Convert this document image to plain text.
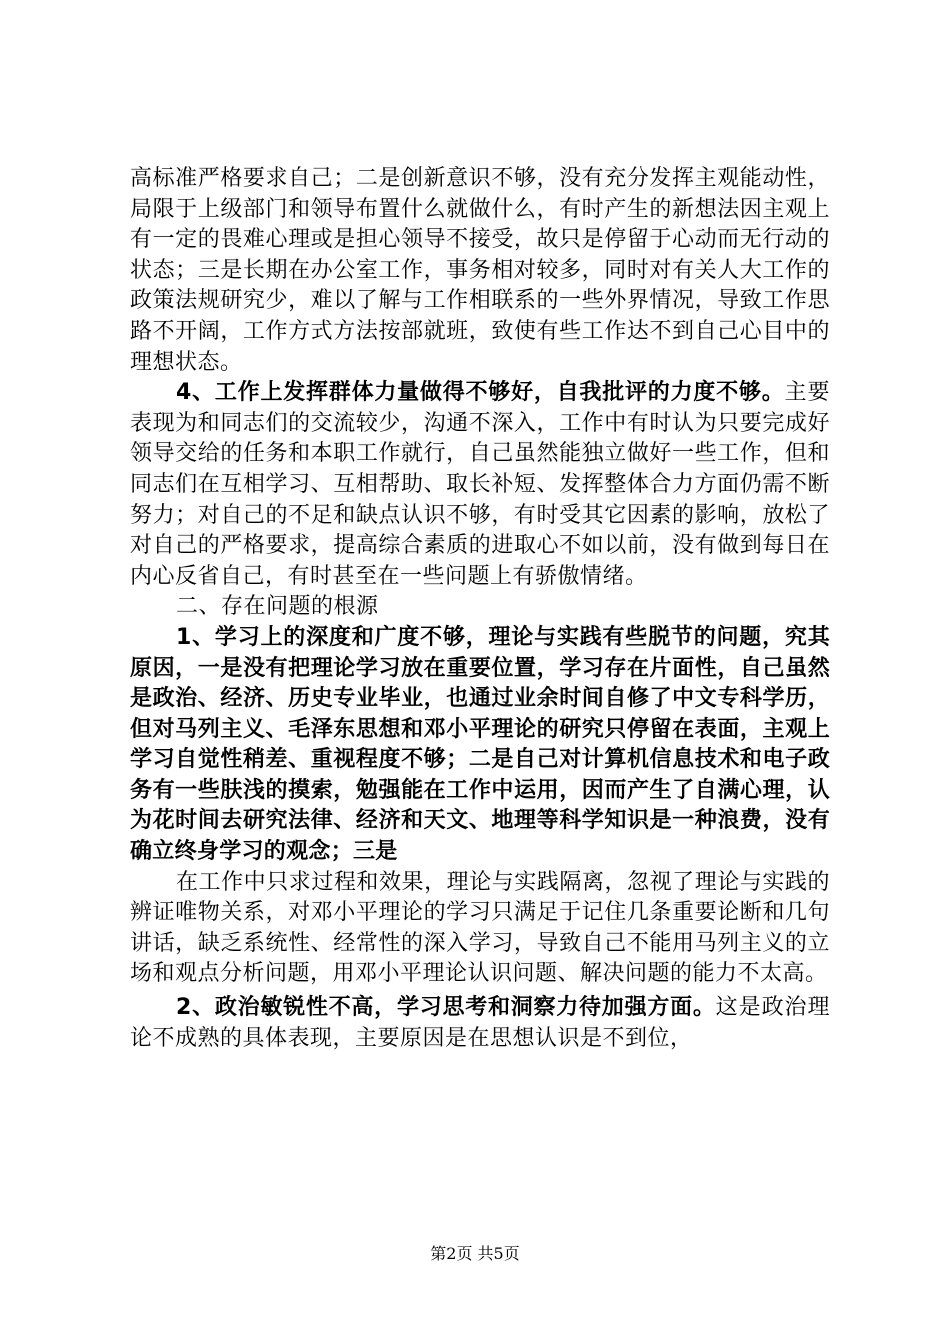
高标准严格要求自己；二是创新意识不够，没有充分发挥主观能动性，局限于上级部门和领导布置什么就做什么，有时产生的新想法因主观上有一定的畏难心理或是担心领导不接受，故只是停留于心动而无行动的状态；三是长期在办公室工作，事务相对较多，同时对有关人大工作的政策法规研究少，难以了解与工作相联系的一些外界情况，导致工作思路不开阔，工作方式方法按部就班，致使有些工作达不到自己心目中的理想状态。

4、工作上发挥群体力量做得不够好，自我批评的力度不够。主要表现为和同志们的交流较少，沟通不深入，工作中有时认为只要完成好领导交给的任务和本职工作就行，自己虽然能独立做好一些工作，但和同志们在互相学习、互相帮助、取长补短、发挥整体合力方面仍需不断努力；对自己的不足和缺点认识不够，有时受其它因素的影响，放松了对自己的严格要求，提高综合素质的进取心不如以前，没有做到每日在内心反省自己，有时甚至在一些问题上有骄傲情绪。

二、存在问题的根源

1、学习上的深度和广度不够，理论与实践有些脱节的问题，究其原因，一是没有把理论学习放在重要位置，学习存在片面性，自己虽然是政治、经济、历史专业毕业，也通过业余时间自修了中文专科学历，但对马列主义、毛泽东思想和邓小平理论的研究只停留在表面，主观上学习自觉性稍差、重视程度不够；二是自己对计算机信息技术和电子政务有一些肤浅的摸索，勉强能在工作中运用，因而产生了自满心理，认为花时间去研究法律、经济和天文、地理等科学知识是一种浪费，没有确立终身学习的观念；三是

在工作中只求过程和效果，理论与实践隔离，忽视了理论与实践的辨证唯物关系，对邓小平理论的学习只满足于记住几条重要论断和几句讲话，缺乏系统性、经常性的深入学习，导致自己不能用马列主义的立场和观点分析问题，用邓小平理论认识问题、解决问题的能力不太高。

2、政治敏锐性不高，学习思考和洞察力待加强方面。这是政治理论不成熟的具体表现，主要原因是在思想认识是不到位，

第2页 共5页
